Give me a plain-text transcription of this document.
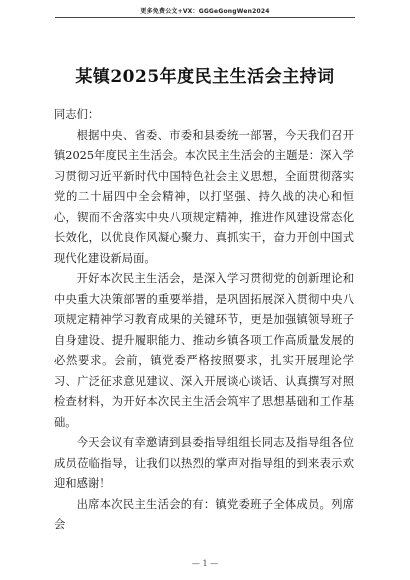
更多免费公文+VX：GGGeGongWen2024
某镇2025年度民主生活会主持词

同志们：

根据中央、省委、市委和县委统一部署，今天我们召开镇2025年度民主生活会。本次民主生活会的主题是：深入学习贯彻习近平新时代中国特色社会主义思想，全面贯彻落实党的二十届四中全会精神，以打坚强、持久战的决心和恒心，锲而不舍落实中央八项规定精神，推进作风建设常态化长效化，以优良作风凝心聚力、真抓实干，奋力开创中国式现代化建设新局面。

开好本次民主生活会，是深入学习贯彻党的创新理论和中央重大决策部署的重要举措，是巩固拓展深入贯彻中央八项规定精神学习教育成果的关键环节，更是加强镇领导班子自身建设、提升履职能力、推动乡镇各项工作高质量发展的必然要求。会前，镇党委严格按照要求，扎实开展理论学习、广泛征求意见建议、深入开展谈心谈话、认真撰写对照检查材料，为开好本次民主生活会筑牢了思想基础和工作基础。

今天会议有幸邀请到县委指导组组长同志及指导组各位成员莅临指导，让我们以热烈的掌声对指导组的到来表示欢迎和感谢！

出席本次民主生活会的有：镇党委班子全体成员。列席会

— 1 —
